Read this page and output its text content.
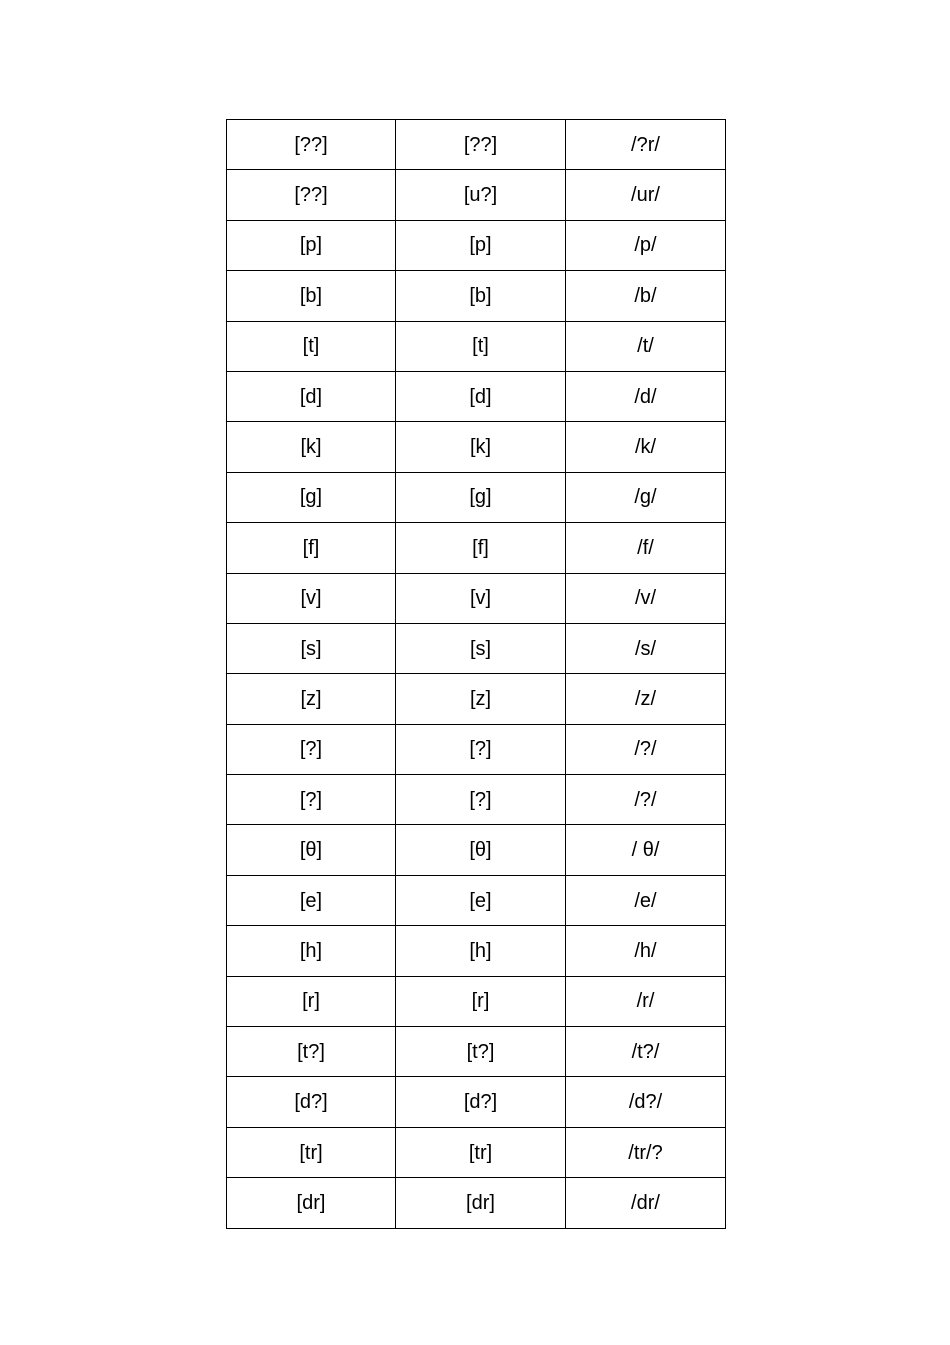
[??]	[??]	/?r/
[??]	[u?]	/ur/
[p]	[p]	/p/
[b]	[b]	/b/
[t]	[t]	/t/
[d]	[d]	/d/
[k]	[k]	/k/
[g]	[g]	/g/
[f]	[f]	/f/
[v]	[v]	/v/
[s]	[s]	/s/
[z]	[z]	/z/
[?]	[?]	/?/
[?]	[?]	/?/
[θ]	[θ]	/ θ/
[e]	[e]	/e/
[h]	[h]	/h/
[r]	[r]	/r/
[t?]	[t?]	/t?/
[d?]	[d?]	/d?/
[tr]	[tr]	/tr/?
[dr]	[dr]	/dr/
